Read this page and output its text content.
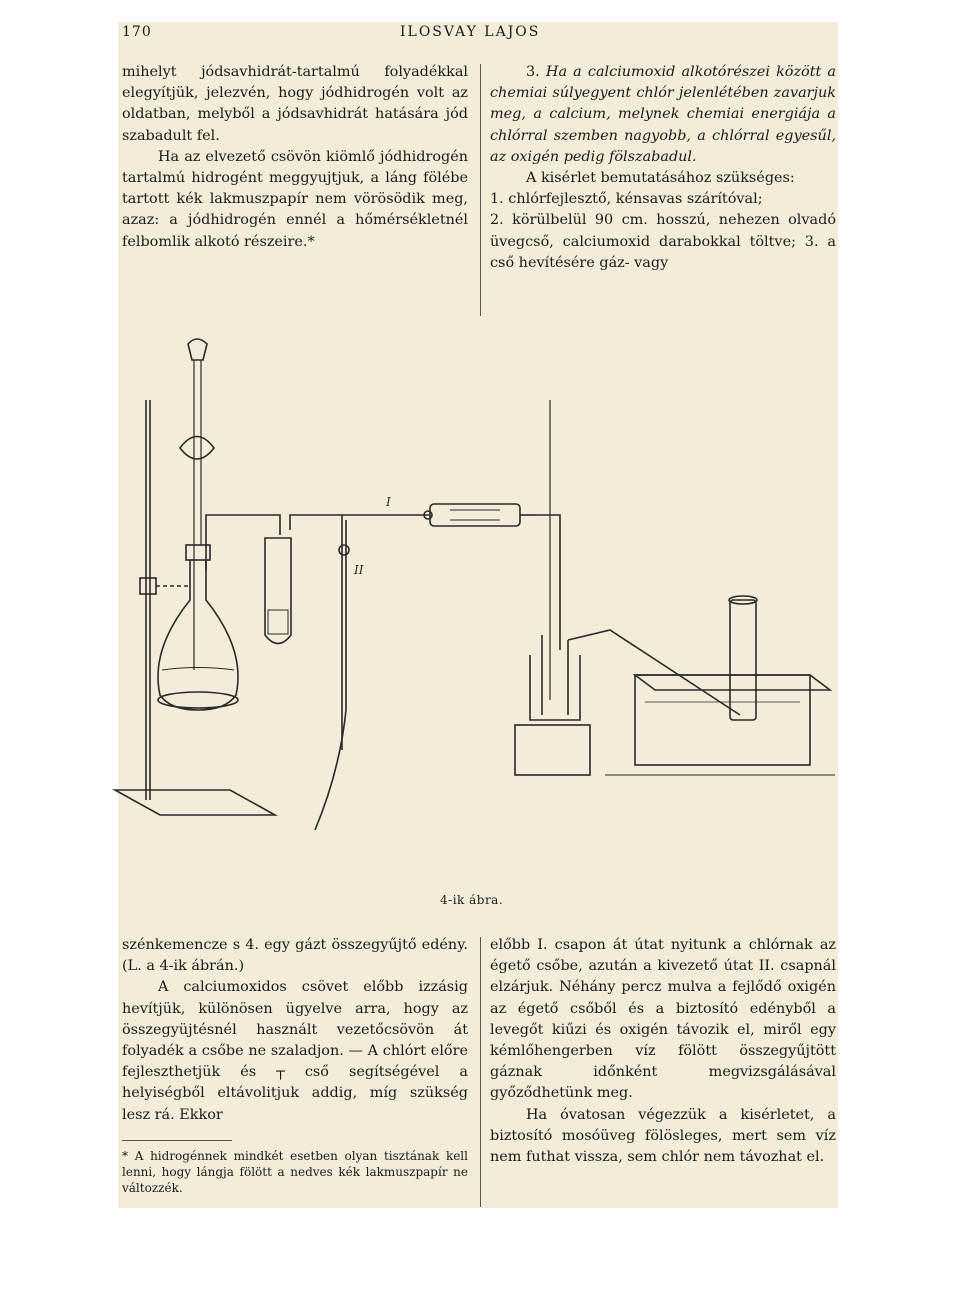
170	ILOSVAY LAJOS

mihelyt jódsavhidrát-tartalmú folyadékkal elegyítjük, jelezvén, hogy jódhidrogén volt az oldatban, melyből a jódsavhidrát hatására jód szabadult fel.

Ha az elvezető csövön kiömlő jódhidrogén tartalmú hidrogént meggyujtjuk, a láng fölébe tartott kék lakmuszpapír nem vörösödik meg, azaz: a jódhidrogén ennél a hőmérsékletnél felbomlik alkotó részeire.*

3. Ha a calciumoxid alkotórészei között a chemiai súlyegyent chlór jelenlétében zavarjuk meg, a calcium, melynek chemiai energiája a chlórral szemben nagyobb, a chlórral egyesűl, az oxigén pedig fölszabadul.

A kisérlet bemutatásához szükséges:

1. chlórfejlesztő, kénsavas szárítóval;

2. körülbelül 90 cm. hosszú, nehezen olvadó üvegcső, calciumoxid darabokkal töltve; 3. a cső hevítésére gáz- vagy

II
I
4-ik ábra.

szénkemencze s 4. egy gázt összegyűjtő edény. (L. a 4-ik ábrán.)

A calciumoxidos csövet előbb izzásig hevítjük, különösen ügyelve arra, hogy az összegyüjtésnél használt vezetőcsövön át folyadék a csőbe ne szaladjon. — A chlórt előre fejleszthetjük és ┬ cső segítségével a helyiségből eltávolitjuk addig, míg szükség lesz rá. Ekkor

* A hidrogénnek mindkét esetben olyan tisztának kell lenni, hogy lángja fölött a nedves kék lakmuszpapír ne változzék.

előbb I. csapon át útat nyitunk a chlórnak az égető csőbe, azután a kivezető útat II. csapnál elzárjuk. Néhány percz mulva a fejlődő oxigén az égető csőből és a biztosító edényből a levegőt kiűzi és oxigén távozik el, miről egy kémlőhengerben víz fölött összegyűjtött gáznak időnként megvizsgálásával győződhetünk meg.

Ha óvatosan végezzük a kisérletet, a biztosító mosóüveg fölösleges, mert sem víz nem futhat vissza, sem chlór nem távozhat el.
